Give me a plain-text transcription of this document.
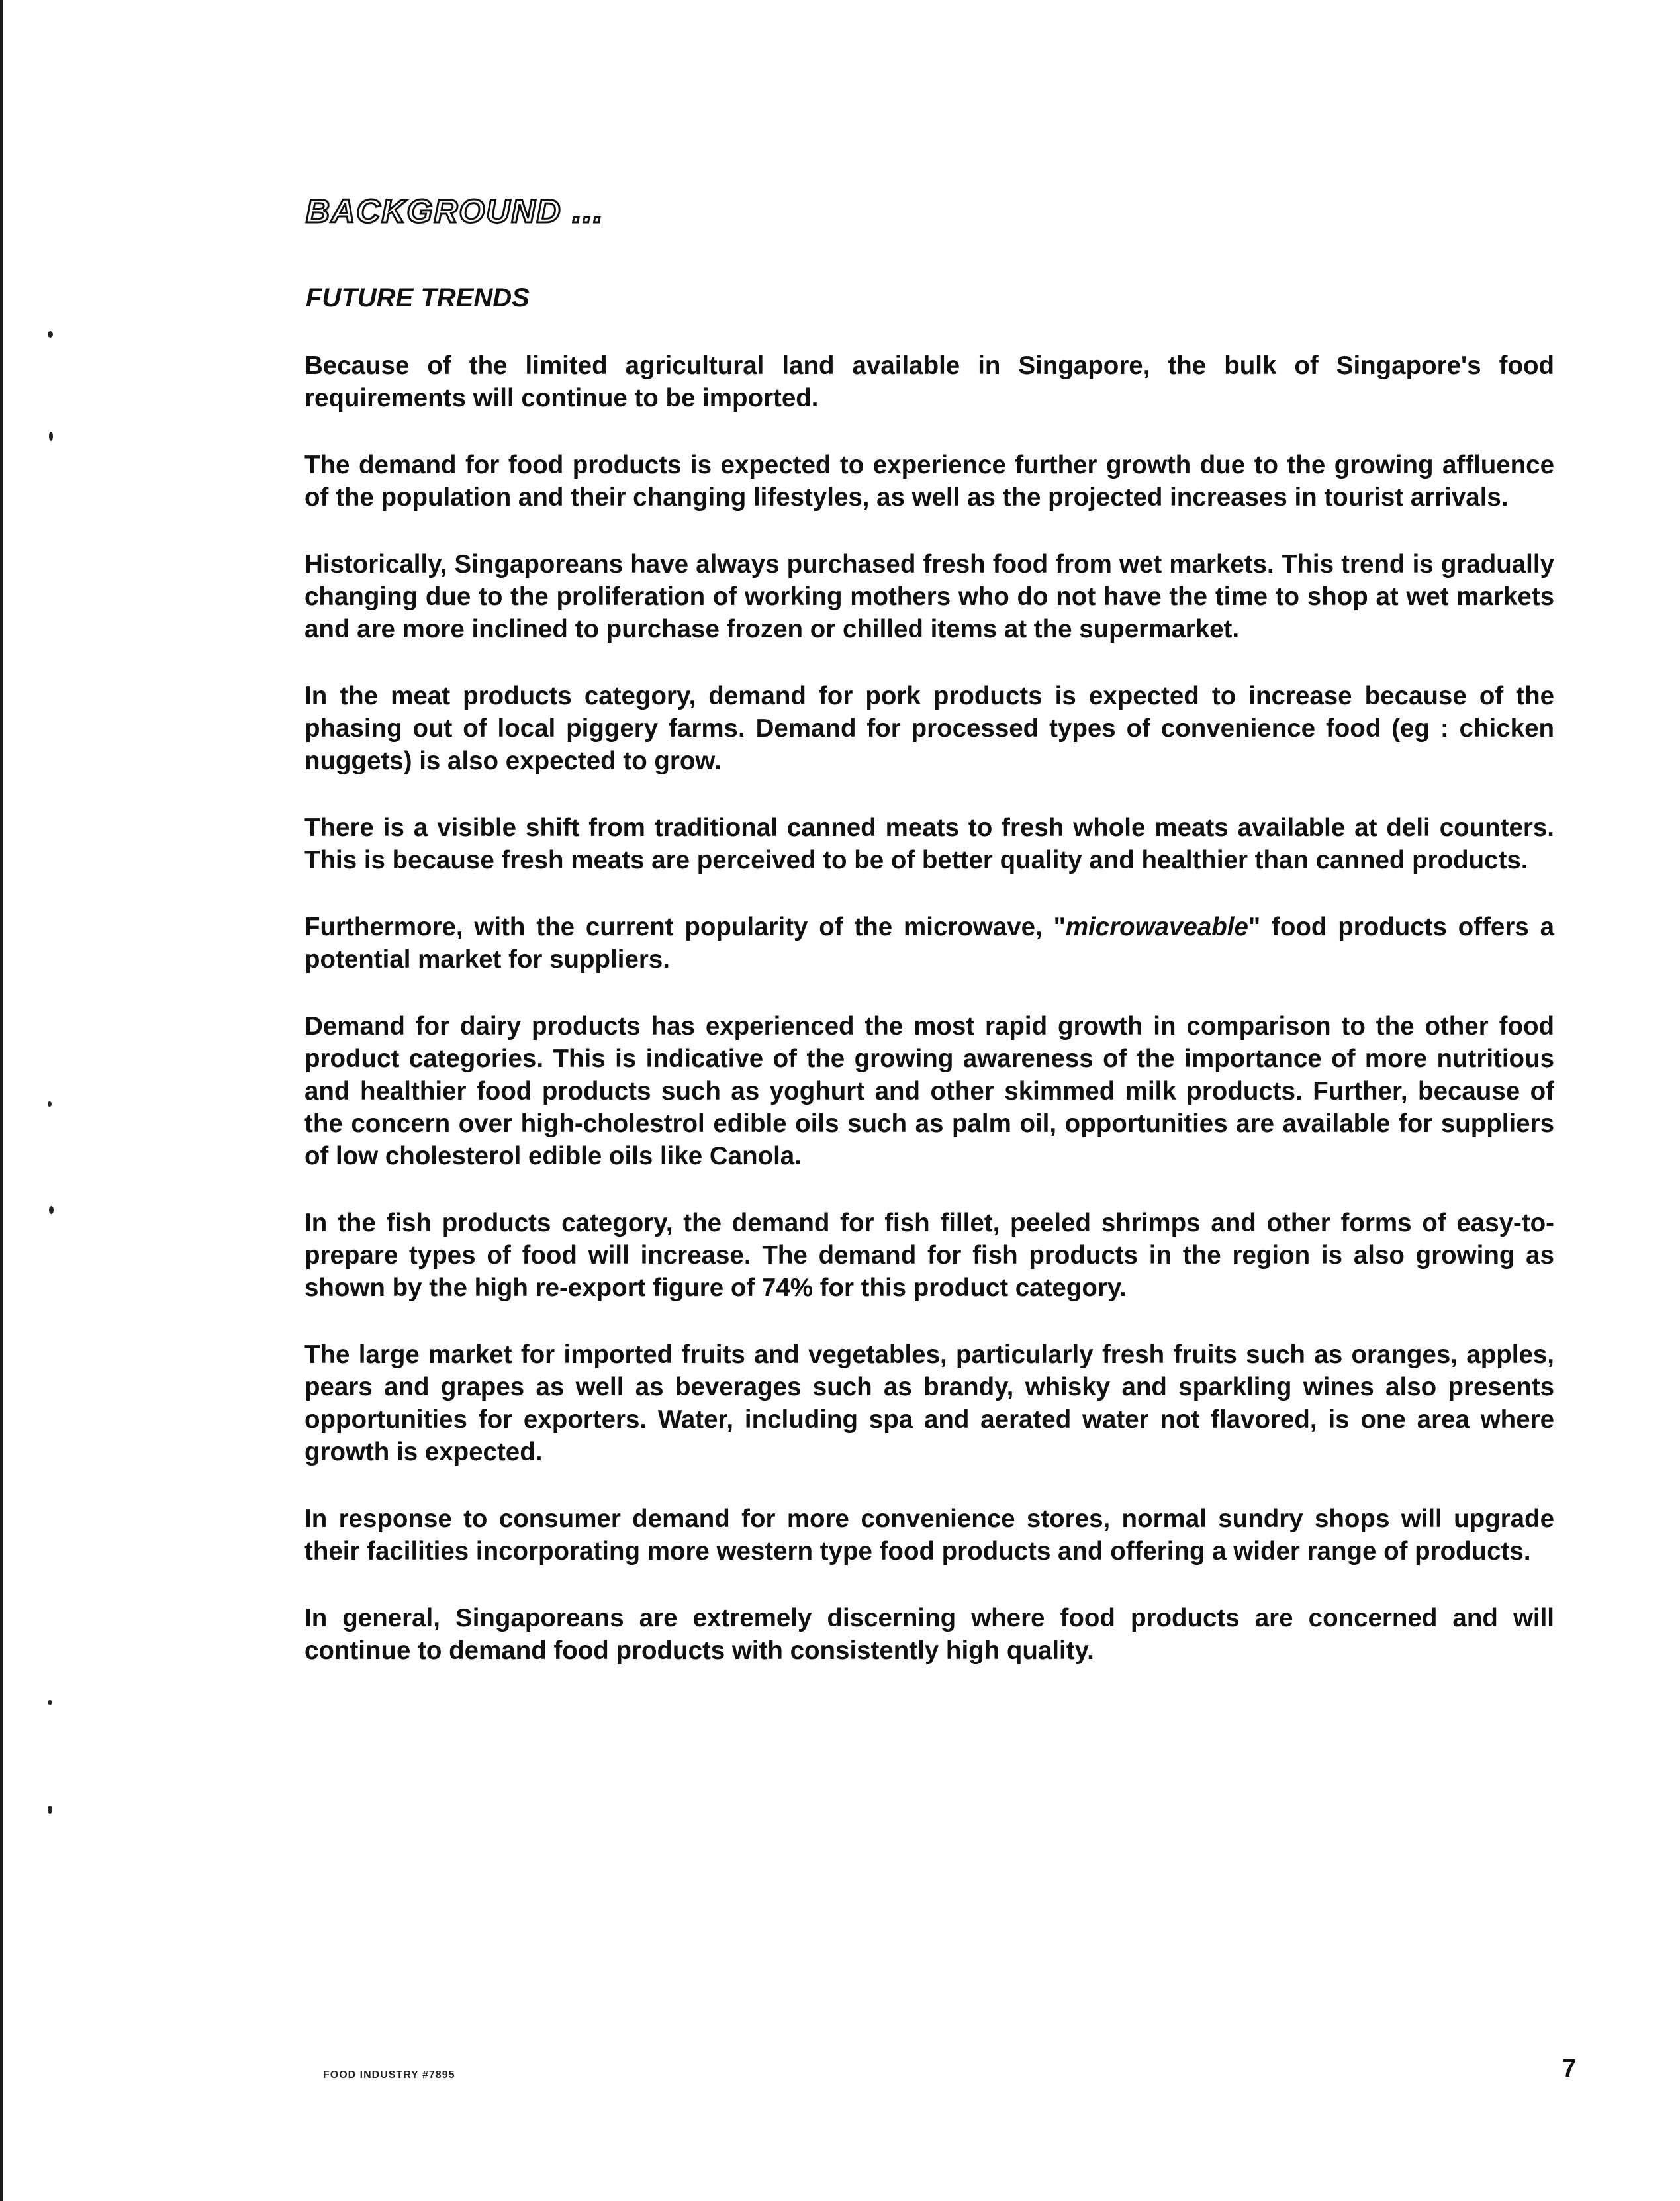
BACKGROUND ...
FUTURE TRENDS

Because of the limited agricultural land available in Singapore, the bulk of Singapore's food requirements will continue to be imported.

The demand for food products is expected to experience further growth due to the growing affluence of the population and their changing lifestyles, as well as the projected increases in tourist arrivals.

Historically, Singaporeans have always purchased fresh food from wet markets. This trend is gradually changing due to the proliferation of working mothers who do not have the time to shop at wet markets and are more inclined to purchase frozen or chilled items at the supermarket.

In the meat products category, demand for pork products is expected to increase because of the phasing out of local piggery farms. Demand for processed types of convenience food (eg : chicken nuggets) is also expected to grow.

There is a visible shift from traditional canned meats to fresh whole meats available at deli counters. This is because fresh meats are perceived to be of better quality and healthier than canned products.

Furthermore, with the current popularity of the microwave, "microwaveable" food products offers a potential market for suppliers.

Demand for dairy products has experienced the most rapid growth in comparison to the other food product categories. This is indicative of the growing awareness of the importance of more nutritious and healthier food products such as yoghurt and other skimmed milk products. Further, because of the concern over high-cholestrol edible oils such as palm oil, opportunities are available for suppliers of low cholesterol edible oils like Canola.

In the fish products category, the demand for fish fillet, peeled shrimps and other forms of easy-to-prepare types of food will increase. The demand for fish products in the region is also growing as shown by the high re-export figure of 74% for this product category.

The large market for imported fruits and vegetables, particularly fresh fruits such as oranges, apples, pears and grapes as well as beverages such as brandy, whisky and sparkling wines also presents opportunities for exporters. Water, including spa and aerated water not flavored, is one area where growth is expected.

In response to consumer demand for more convenience stores, normal sundry shops will upgrade their facilities incorporating more western type food products and offering a wider range of products.

In general, Singaporeans are extremely discerning where food products are concerned and will continue to demand food products with consistently high quality.

FOOD INDUSTRY #7895	7
